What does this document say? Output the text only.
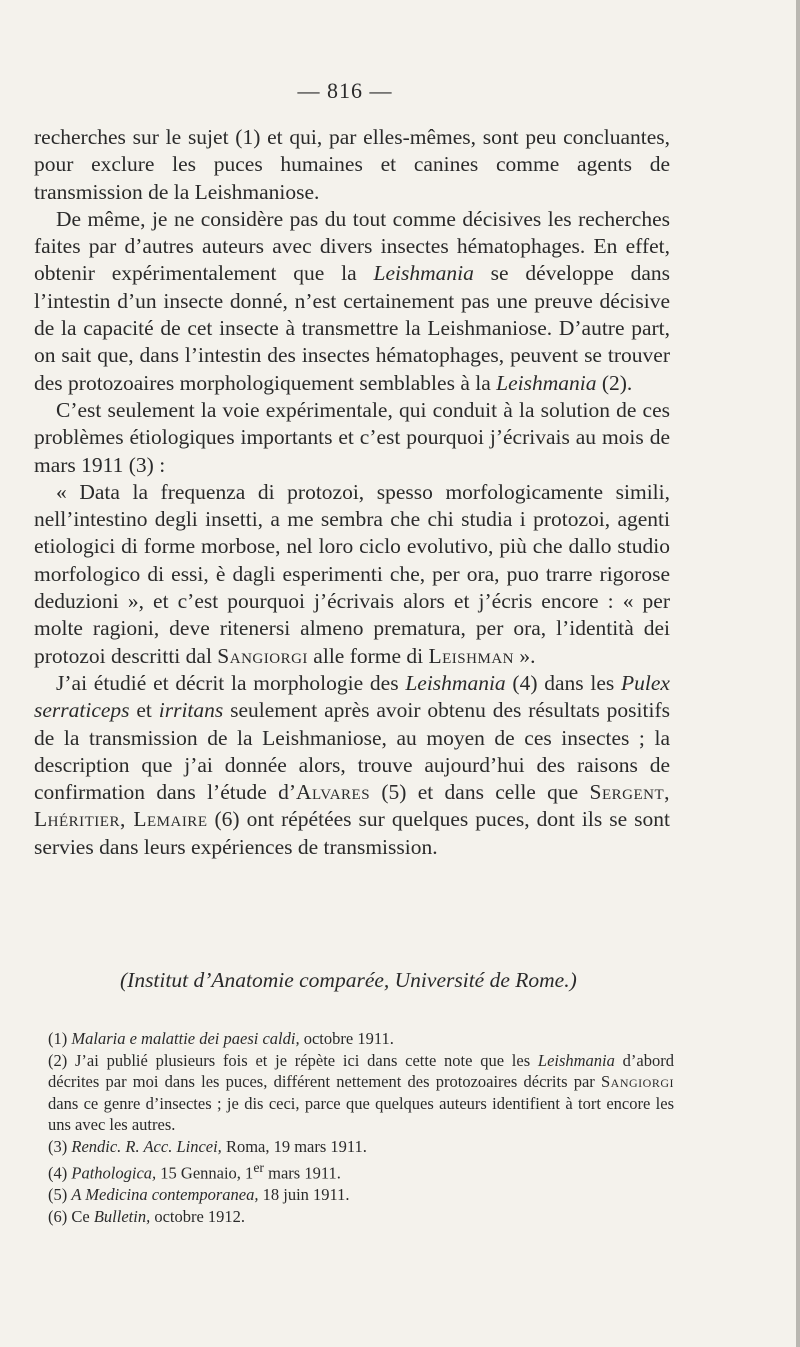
— 816 —

recherches sur le sujet (1) et qui, par elles-mêmes, sont peu concluantes, pour exclure les puces humaines et canines comme agents de transmission de la Leishmaniose.

De même, je ne considère pas du tout comme décisives les recherches faites par d’autres auteurs avec divers insectes hématophages. En effet, obtenir expérimentalement que la Leishmania se développe dans l’intestin d’un insecte donné, n’est certainement pas une preuve décisive de la capacité de cet insecte à transmettre la Leishmaniose. D’autre part, on sait que, dans l’intestin des insectes hématophages, peuvent se trouver des protozoaires morphologiquement semblables à la Leishmania (2).

C’est seulement la voie expérimentale, qui conduit à la solution de ces problèmes étiologiques importants et c’est pourquoi j’écrivais au mois de mars 1911 (3) :

« Data la frequenza di protozoi, spesso morfologicamente simili, nell’intestino degli insetti, a me sembra che chi studia i protozoi, agenti etiologici di forme morbose, nel loro ciclo evolutivo, più che dallo studio morfologico di essi, è dagli esperimenti che, per ora, puo trarre rigorose deduzioni », et c’est pourquoi j’écrivais alors et j’écris encore : « per molte ragioni, deve ritenersi almeno prematura, per ora, l’identità dei protozoi descritti dal Sangiorgi alle forme di Leishman ».

J’ai étudié et décrit la morphologie des Leishmania (4) dans les Pulex serraticeps et irritans seulement après avoir obtenu des résultats positifs de la transmission de la Leishmaniose, au moyen de ces insectes ; la description que j’ai donnée alors, trouve aujourd’hui des raisons de confirmation dans l’étude d’Alvares (5) et dans celle que Sergent, Lhéritier, Lemaire (6) ont répétées sur quelques puces, dont ils se sont servies dans leurs expériences de transmission.

(Institut d’Anatomie comparée, Université de Rome.)

(1) Malaria e malattie dei paesi caldi, octobre 1911.

(2) J’ai publié plusieurs fois et je répète ici dans cette note que les Leishmania d’abord décrites par moi dans les puces, différent nettement des protozoaires décrits par Sangiorgi dans ce genre d’insectes ; je dis ceci, parce que quelques auteurs identifient à tort encore les uns avec les autres.

(3) Rendic. R. Acc. Lincei, Roma, 19 mars 1911.

(4) Pathologica, 15 Gennaio, 1er mars 1911.

(5) A Medicina contemporanea, 18 juin 1911.

(6) Ce Bulletin, octobre 1912.
